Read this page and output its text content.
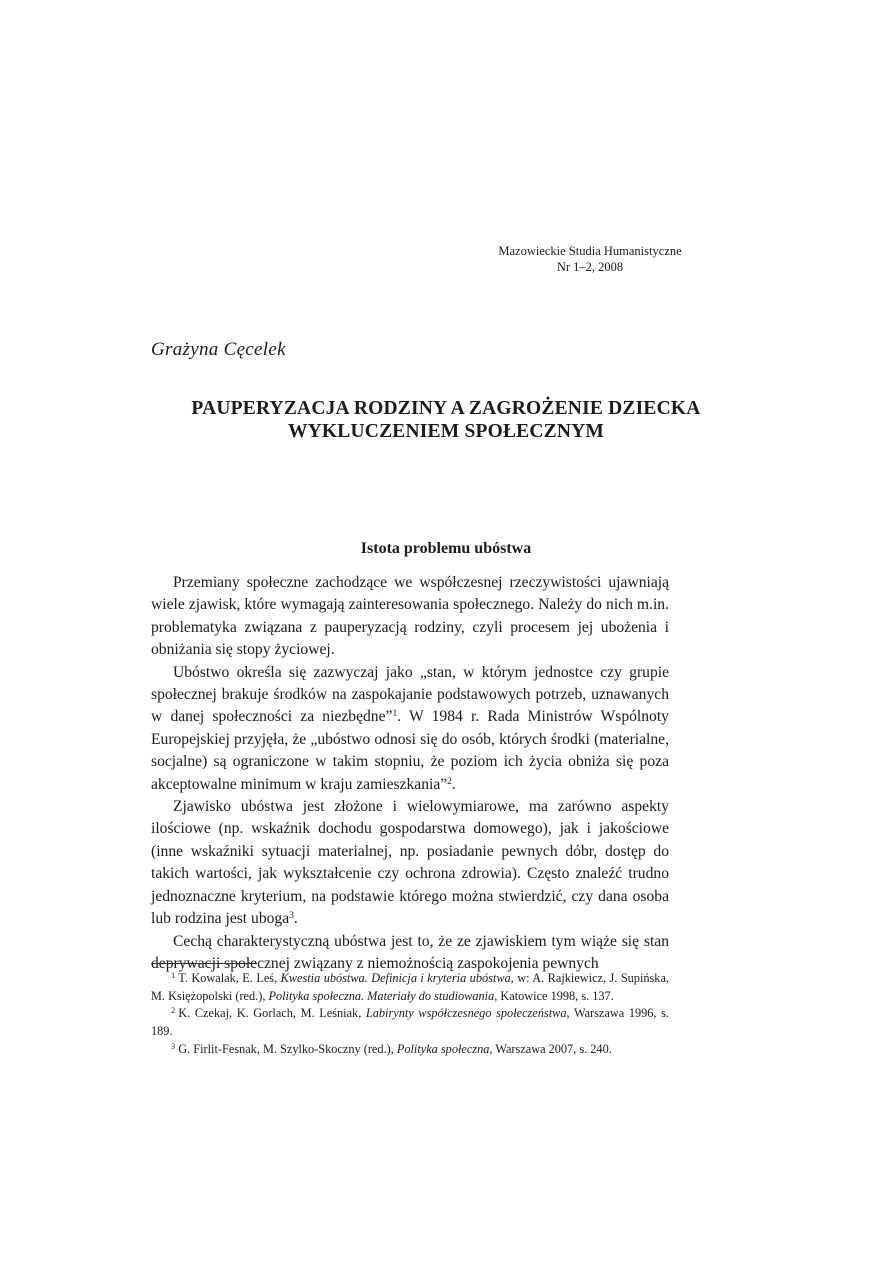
Mazowieckie Studia Humanistyczne
Nr 1–2, 2008
Grażyna Cęcelek
PAUPERYZACJA RODZINY A ZAGROŻENIE DZIECKA
WYKLUCZENIEM SPOŁECZNYM
Istota problemu ubóstwa

Przemiany społeczne zachodzące we współczesnej rzeczywistości ujawniają wiele zjawisk, które wymagają zainteresowania społecznego. Należy do nich m.in. problematyka związana z pauperyzacją rodziny, czyli procesem jej ubożenia i obniżania się stopy życiowej.

Ubóstwo określa się zazwyczaj jako „stan, w którym jednostce czy grupie społecznej brakuje środków na zaspokajanie podstawowych potrzeb, uznawanych w danej społeczności za niezbędne”$^1$. W 1984 r. Rada Ministrów Wspólnoty Europejskiej przyjęła, że „ubóstwo odnosi się do osób, których środki (materialne, socjalne) są ograniczone w takim stopniu, że poziom ich życia obniża się poza akceptowalne minimum w kraju zamieszkania”$^2$.

Zjawisko ubóstwa jest złożone i wielowymiarowe, ma zarówno aspekty ilościowe (np. wskaźnik dochodu gospodarstwa domowego), jak i jakościowe (inne wskaźniki sytuacji materialnej, np. posiadanie pewnych dóbr, dostęp do takich wartości, jak wykształcenie czy ochrona zdrowia). Często znaleźć trudno jednoznaczne kryterium, na podstawie którego można stwierdzić, czy dana osoba lub rodzina jest uboga$^3$.

Cechą charakterystyczną ubóstwa jest to, że ze zjawiskiem tym wiąże się stan deprywacji społecznej związany z niemożnością zaspokojenia pewnych

$^1$ T. Kowalak, E. Leś, Kwestia ubóstwa. Definicja i kryteria ubóstwa, w: A. Rajkiewicz, J. Supińska, M. Księżopolski (red.), Polityka społeczna. Materiały do studiowania, Katowice 1998, s. 137.

$^2$ K. Czekaj, K. Gorlach, M. Leśniak, Labirynty współczesnego społeczeństwa, Warszawa 1996, s. 189.

$^3$ G. Firlit-Fesnak, M. Szylko-Skoczny (red.), Polityka społeczna, Warszawa 2007, s. 240.
